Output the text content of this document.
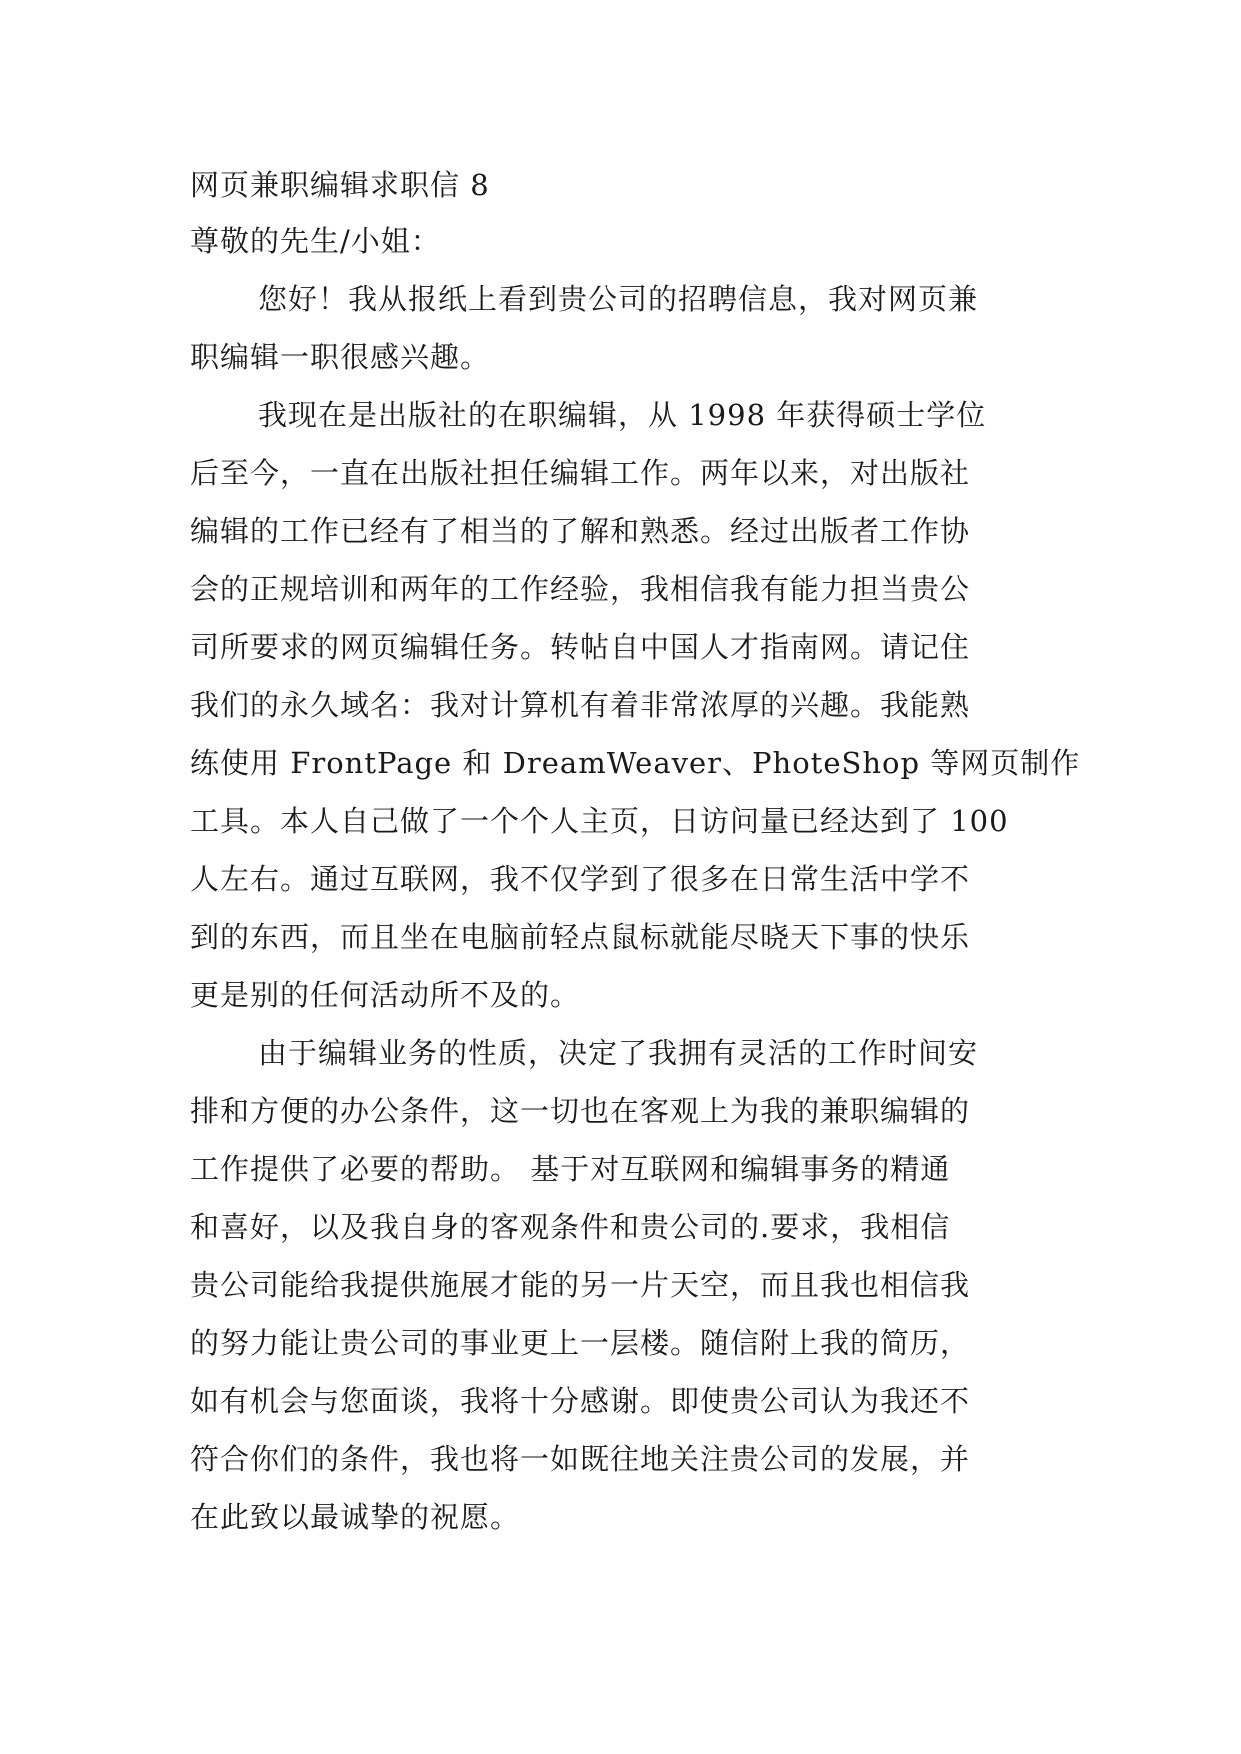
网页兼职编辑求职信 8
尊敬的先生/小姐：
您好！我从报纸上看到贵公司的招聘信息，我对网页兼
职编辑一职很感兴趣。
我现在是出版社的在职编辑，从 1998 年获得硕士学位
后至今，一直在出版社担任编辑工作。两年以来，对出版社
编辑的工作已经有了相当的了解和熟悉。经过出版者工作协
会的正规培训和两年的工作经验，我相信我有能力担当贵公
司所要求的网页编辑任务。转帖自中国人才指南网。请记住
我们的永久域名：我对计算机有着非常浓厚的兴趣。我能熟
练使用 FrontPage 和 DreamWeaver、PhoteShop 等网页制作
工具。本人自己做了一个个人主页，日访问量已经达到了 100
人左右。通过互联网，我不仅学到了很多在日常生活中学不
到的东西，而且坐在电脑前轻点鼠标就能尽晓天下事的快乐
更是别的任何活动所不及的。
由于编辑业务的性质，决定了我拥有灵活的工作时间安
排和方便的办公条件，这一切也在客观上为我的兼职编辑的
工作提供了必要的帮助。 基于对互联网和编辑事务的精通
和喜好，以及我自身的客观条件和贵公司的.要求，我相信
贵公司能给我提供施展才能的另一片天空，而且我也相信我
的努力能让贵公司的事业更上一层楼。随信附上我的简历，
如有机会与您面谈，我将十分感谢。即使贵公司认为我还不
符合你们的条件，我也将一如既往地关注贵公司的发展，并
在此致以最诚挚的祝愿。
